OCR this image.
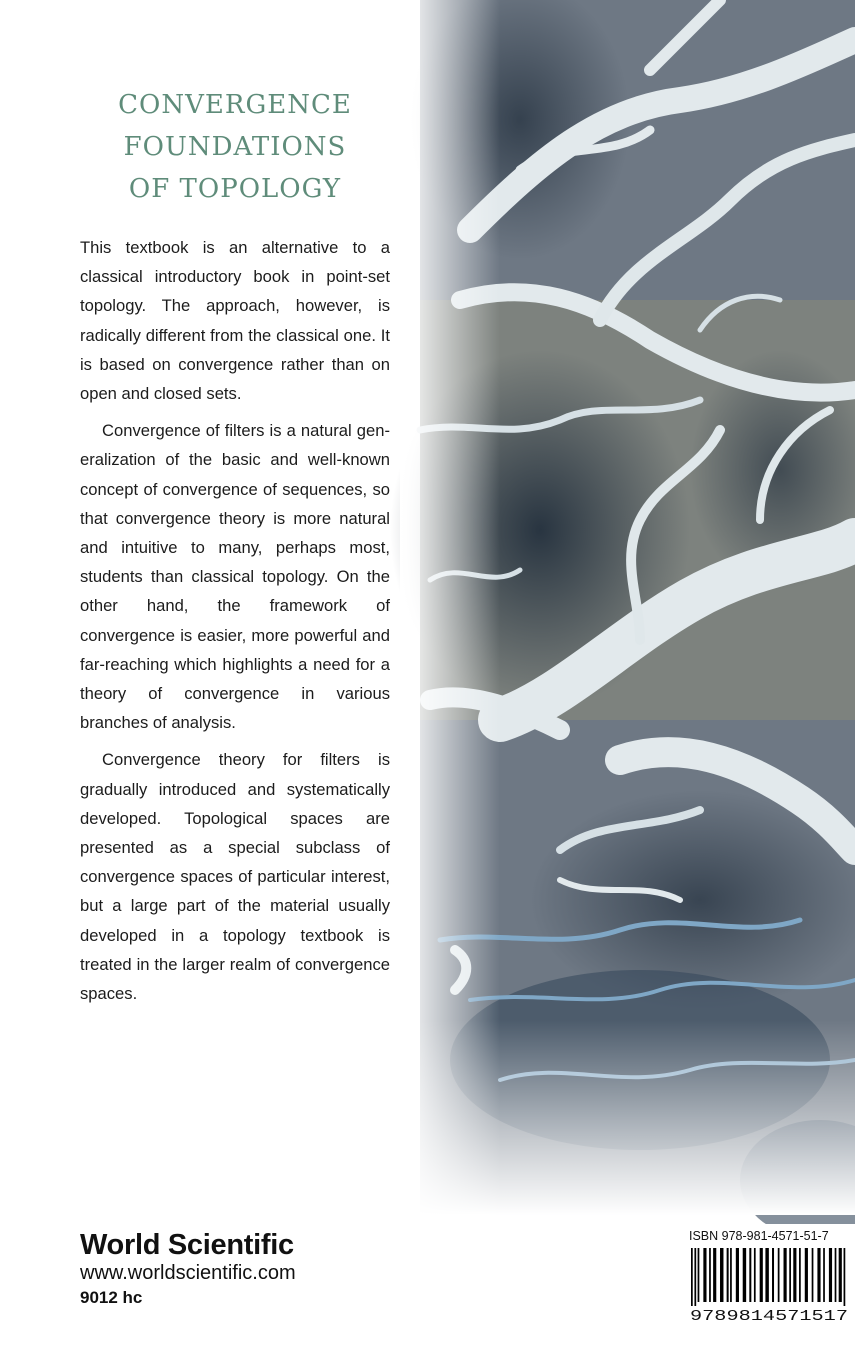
CONVERGENCE
FOUNDATIONS
OF TOPOLOGY

This textbook is an alternative to a classical introductory book in point-set topology. The approach, however, is radically different from the classical one. It is based on convergence rather than on open and closed sets.

Convergence of filters is a natural generalization of the basic and well-known concept of convergence of sequences, so that convergence theory is more natural and intuitive to many, perhaps most, students than classical topology. On the other hand, the framework of convergence is easier, more powerful and far-reaching which highlights a need for a theory of convergence in various branches of analysis.

Convergence theory for filters is gradually introduced and systematically developed. Topological spaces are presented as a special subclass of convergence spaces of particular interest, but a large part of the material usually developed in a topology textbook is treated in the larger realm of convergence spaces.

World Scientific
www.worldscientific.com
9012 hc
ISBN 978-981-4571-51-7
9789814571517
